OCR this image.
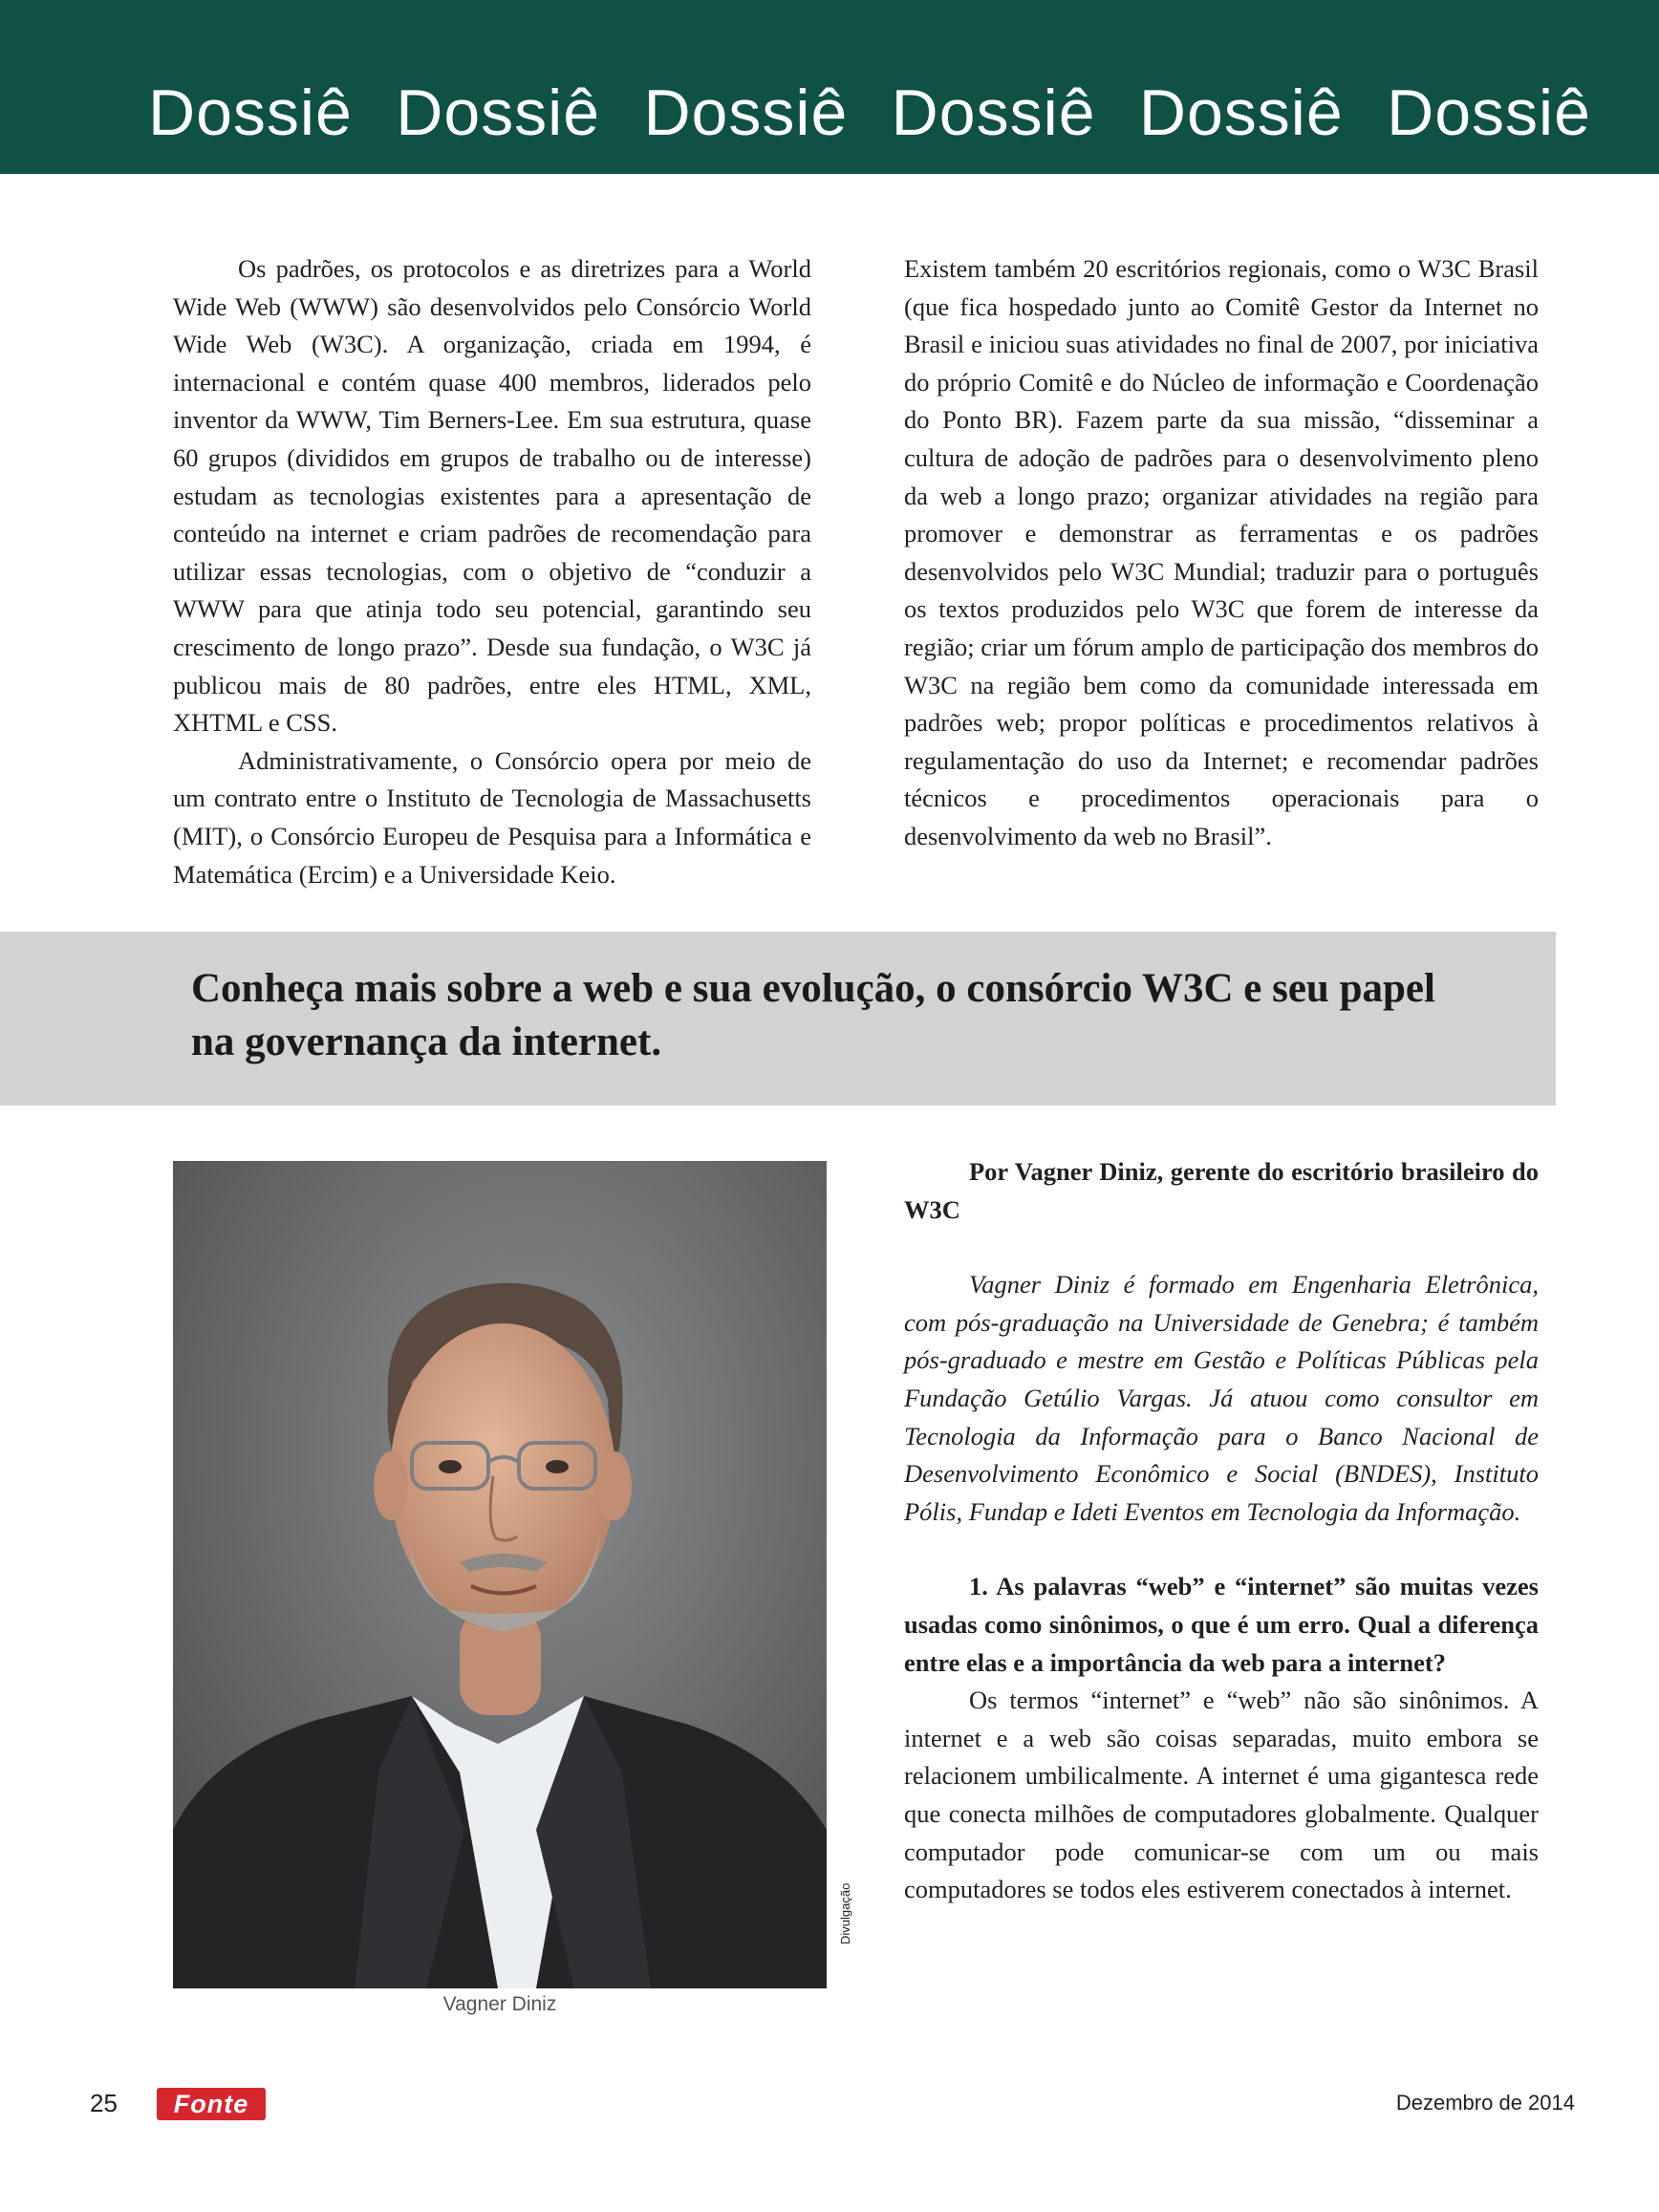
Dossiê Dossiê Dossiê Dossiê Dossiê Dossiê

Os padrões, os protocolos e as diretrizes para a World Wide Web (WWW) são desenvolvidos pelo Consórcio World Wide Web (W3C). A organização, criada em 1994, é internacional e contém quase 400 membros, liderados pelo inventor da WWW, Tim Berners-Lee. Em sua estrutura, quase 60 grupos (divididos em grupos de trabalho ou de interesse) estudam as tecnologias existentes para a apresentação de conteúdo na internet e criam padrões de recomendação para utilizar essas tecnologias, com o objetivo de “conduzir a WWW para que atinja todo seu potencial, garantindo seu crescimento de longo prazo”. Desde sua fundação, o W3C já publicou mais de 80 padrões, entre eles HTML, XML, XHTML e CSS.

Administrativamente, o Consórcio opera por meio de um contrato entre o Instituto de Tecnologia de Massachusetts (MIT), o Consórcio Europeu de Pesquisa para a Informática e Matemática (Ercim) e a Universidade Keio.

Existem também 20 escritórios regionais, como o W3C Brasil (que fica hospedado junto ao Comitê Gestor da Internet no Brasil e iniciou suas atividades no final de 2007, por iniciativa do próprio Comitê e do Núcleo de informação e Coordenação do Ponto BR). Fazem parte da sua missão, “disseminar a cultura de adoção de padrões para o desenvolvimento pleno da web a longo prazo; organizar atividades na região para promover e demonstrar as ferramentas e os padrões desenvolvidos pelo W3C Mundial; traduzir para o português os textos produzidos pelo W3C que forem de interesse da região; criar um fórum amplo de participação dos membros do W3C na região bem como da comunidade interessada em padrões web; propor políticas e procedimentos relativos à regulamentação do uso da Internet; e recomendar padrões técnicos e procedimentos operacionais para o desenvolvimento da web no Brasil”.

Conheça mais sobre a web e sua evolução, o consórcio W3C e seu papel na governança da internet.
Divulgação
Vagner Diniz

Por Vagner Diniz, gerente do escritório brasileiro do W3C

Vagner Diniz é formado em Engenharia Eletrônica, com pós-graduação na Universidade de Genebra; é também pós-graduado e mestre em Gestão e Políticas Públicas pela Fundação Getúlio Vargas. Já atuou como consultor em Tecnologia da Informação para o Banco Nacional de Desenvolvimento Econômico e Social (BNDES), Instituto Pólis, Fundap e Ideti Eventos em Tecnologia da Informação.

1. As palavras “web” e “internet” são muitas vezes usadas como sinônimos, o que é um erro. Qual a diferença entre elas e a importância da web para a internet?

Os termos “internet” e “web” não são sinônimos. A internet e a web são coisas separadas, muito embora se relacionem umbilicalmente. A internet é uma gigantesca rede que conecta milhões de computadores globalmente. Qualquer computador pode comunicar-se com um ou mais computadores se todos eles estiverem conectados à internet.

25	Fonte	Dezembro de 2014
